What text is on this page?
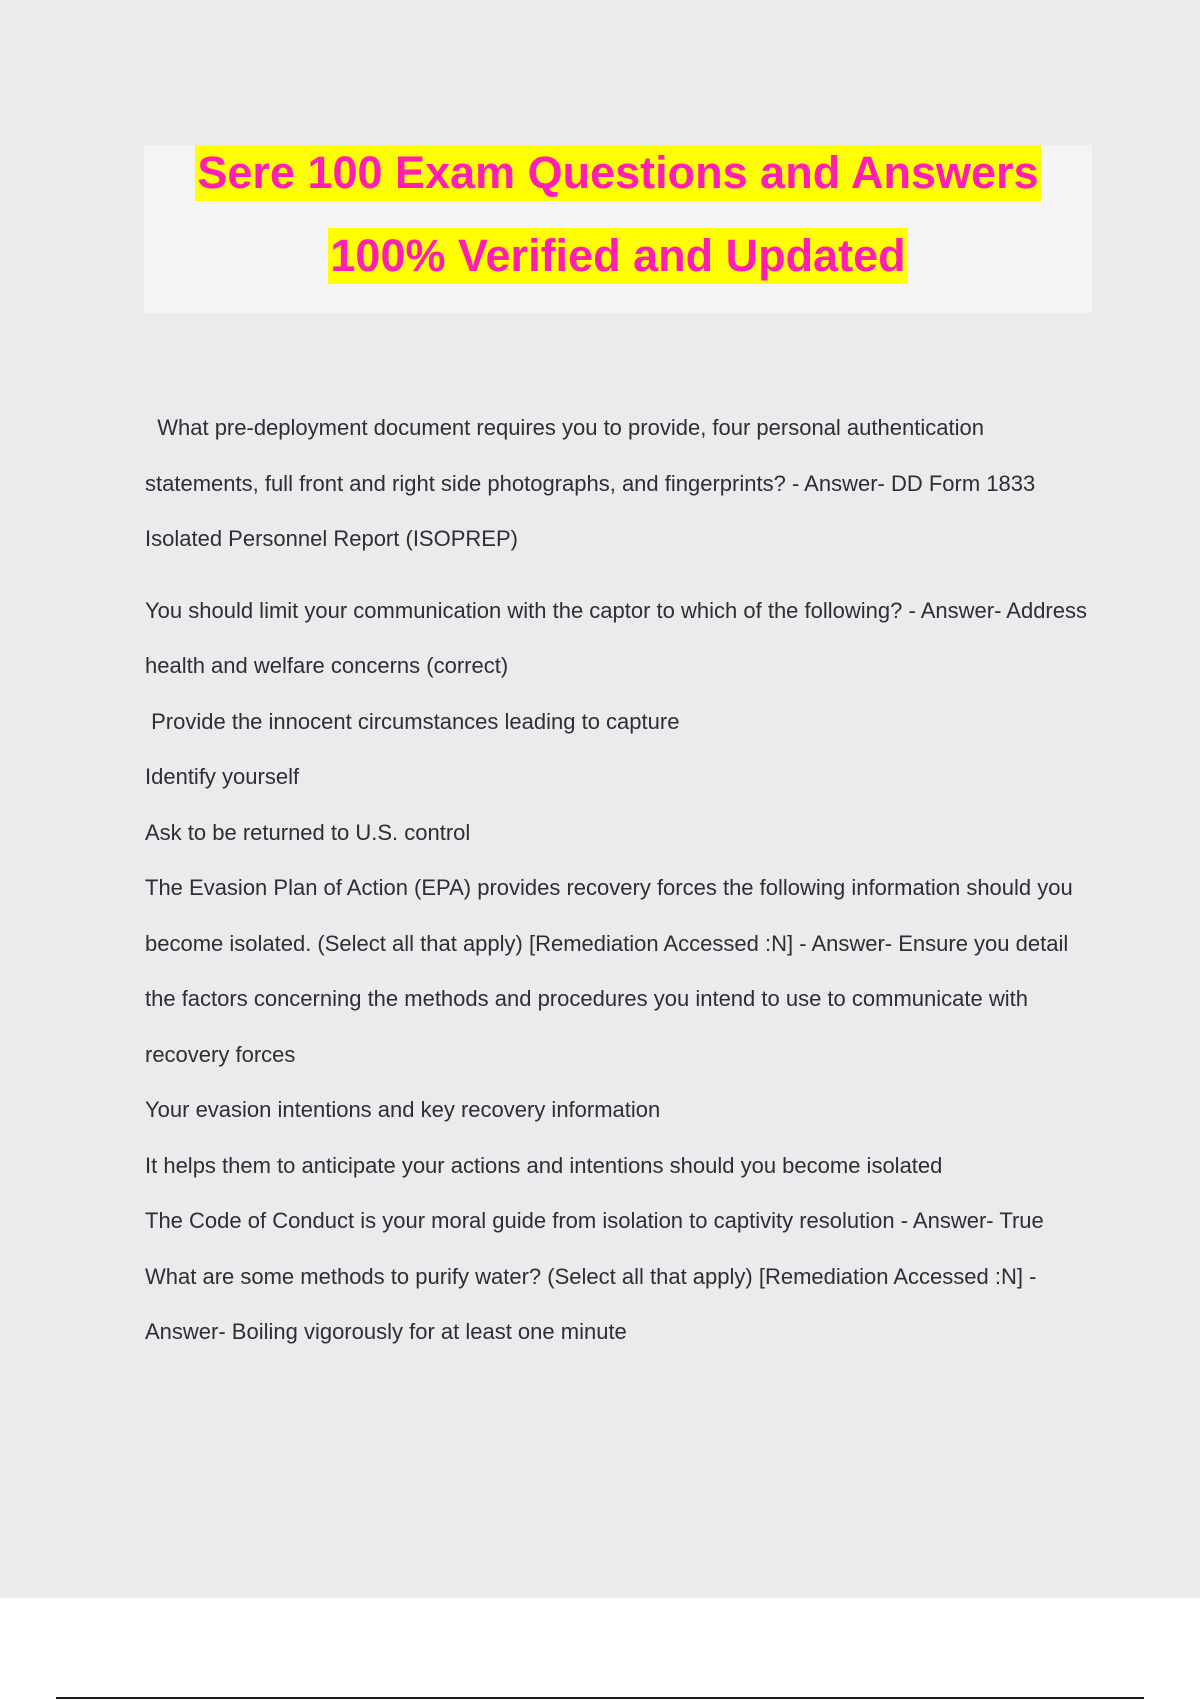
Sere 100 Exam Questions and Answers
100% Verified and Updated

What pre-deployment document requires you to provide, four personal authentication statements, full front and right side photographs, and fingerprints? - Answer- DD Form 1833 Isolated Personnel Report (ISOPREP)

You should limit your communication with the captor to which of the following? - Answer- Address health and welfare concerns (correct)

Provide the innocent circumstances leading to capture

Identify yourself

Ask to be returned to U.S. control

The Evasion Plan of Action (EPA) provides recovery forces the following information should you become isolated. (Select all that apply) [Remediation Accessed :N] - Answer- Ensure you detail the factors concerning the methods and procedures you intend to use to communicate with recovery forces

Your evasion intentions and key recovery information

It helps them to anticipate your actions and intentions should you become isolated

The Code of Conduct is your moral guide from isolation to captivity resolution - Answer- True

What are some methods to purify water? (Select all that apply) [Remediation Accessed :N] - Answer- Boiling vigorously for at least one minute
